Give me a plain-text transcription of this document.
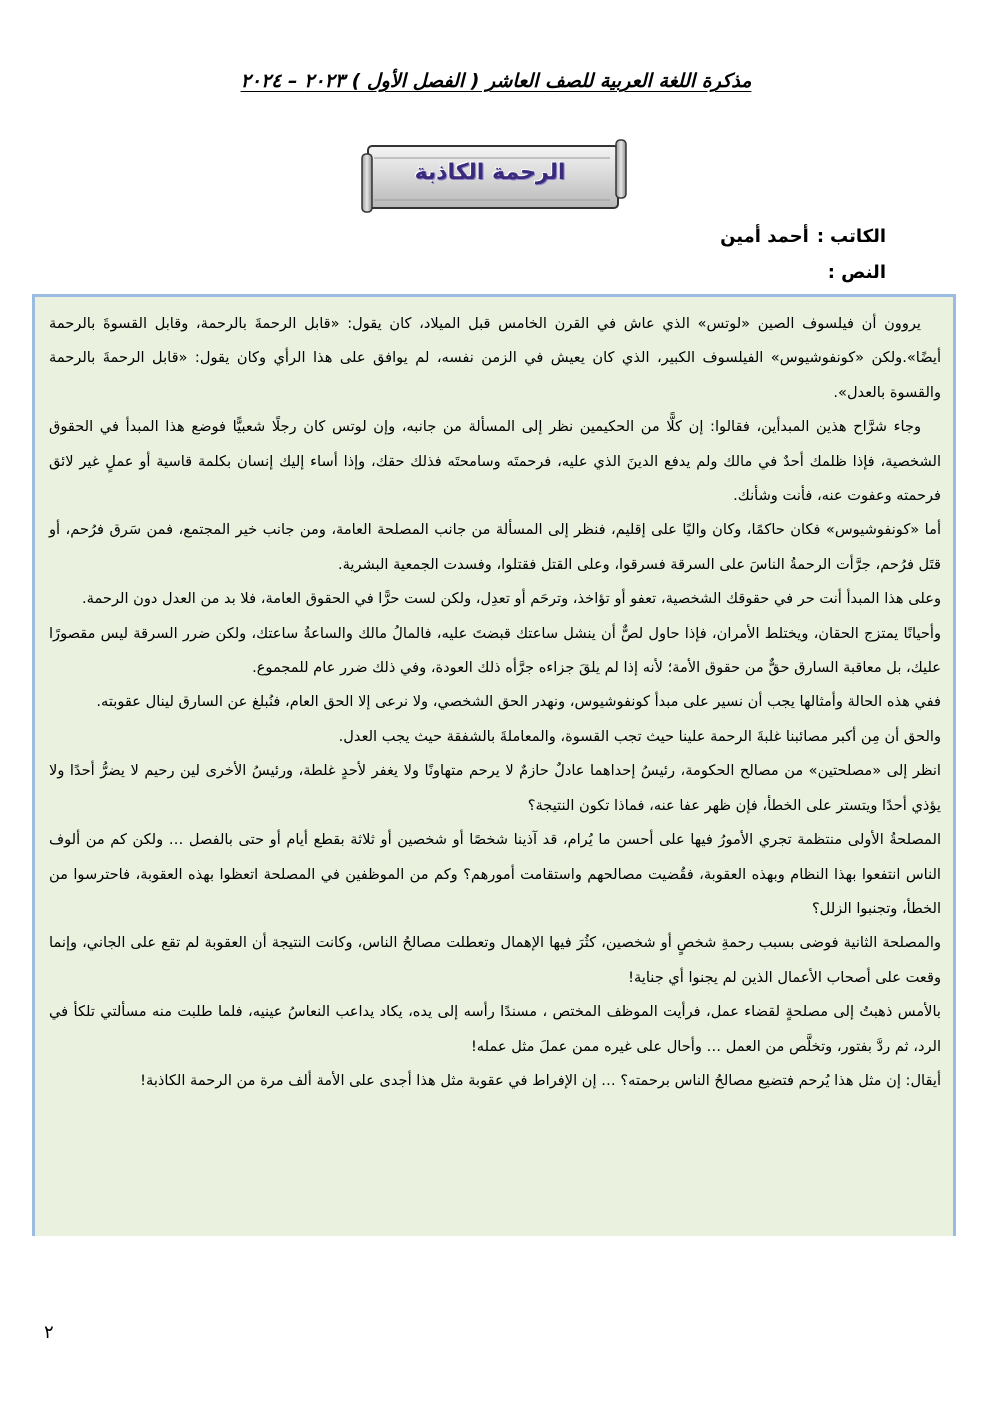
مذكرة اللغة العربية للصف العاشر ( الفصل الأول ) ٢٠٢٣ – ٢٠٢٤
الرحمة الكاذبة
الكاتب:أحمد أمين
النص :

يروون أن فيلسوف الصين «لوتس» الذي عاش في القرن الخامس قبل الميلاد، كان يقول: «قابل الرحمةَ بالرحمة، وقابل القسوةَ بالرحمة أيضًا».ولكن «كونفوشيوس» الفيلسوف الكبير، الذي كان يعيش في الزمن نفسه، لم يوافق على هذا الرأي وكان يقول: «قابل الرحمةَ بالرحمة والقسوة بالعدل».

وجاء شرَّاح هذين المبدأين، فقالوا: إن كلًّا من الحكيمين نظر إلى المسألة من جانبه، وإن لوتس كان رجلًا شعبيًّا فوضع هذا المبدأ في الحقوق الشخصية، فإذا ظلمك أحدٌ في مالك ولم يدفع الدينَ الذي عليه، فرحمتَه وسامحتَه فذلك حقك، وإذا أساء إليك إنسان بكلمة قاسية أو عملٍ غير لائق فرحمته وعفوت عنه، فأنت وشأنك.

أما «كونفوشيوس» فكان حاكمًا، وكان واليًا على إقليم، فنظر إلى المسألة من جانب المصلحة العامة، ومن جانب خير المجتمع، فمن سَرق فرُحم، أو قتَل فرُحم، جرَّأت الرحمةُ الناسَ على السرقة فسرقوا، وعلى القتل فقتلوا، وفسدت الجمعية البشرية.

وعلى هذا المبدأ أنت حر في حقوقك الشخصية، تعفو أو تؤاخذ، وترحَم أو تعدِل، ولكن لست حرًّا في الحقوق العامة، فلا بد من العدل دون الرحمة.

وأحيانًا يمتزج الحقان، ويختلط الأمران، فإذا حاول لصٌّ أن ينشل ساعتك قبضتَ عليه، فالمالُ مالك والساعةُ ساعتك، ولكن ضرر السرقة ليس مقصورًا عليك، بل معاقبة السارق حقٌّ من حقوق الأمة؛ لأنه إذا لم يلقَ جزاءه جرَّأه ذلك العودة، وفي ذلك ضرر عام للمجموع.

ففي هذه الحالة وأمثالها يجب أن نسير على مبدأ كونفوشيوس، ونهدر الحق الشخصي، ولا نرعى إلا الحق العام، فنُبلغ عن السارق لينال عقوبته.

والحق أن مِن أكبر مصائبنا غلبةَ الرحمة علينا حيث تجب القسوة، والمعاملةَ بالشفقة حيث يجب العدل.

انظر إلى «مصلحتين» من مصالح الحكومة، رئيسُ إحداهما عادلٌ حازمٌ لا يرحم متهاونًا ولا يغفر لأحدٍ غلطة، ورئيسُ الأخرى لين رحيم لا يضرُّ أحدًا ولا يؤذي أحدًا ويتستر على الخطأ، فإن ظهر عفا عنه، فماذا تكون النتيجة؟

المصلحةُ الأولى منتظمة تجري الأمورُ فيها على أحسن ما يُرام، قد آذينا شخصًا أو شخصين أو ثلاثة بقطع أيام أو حتى بالفصل … ولكن كم من ألوف الناس انتفعوا بهذا النظام وبهذه العقوبة، فقُضيت مصالحهم واستقامت أمورهم؟ وكم من الموظفين في المصلحة اتعظوا بهذه العقوبة، فاحترسوا من الخطأ، وتجنبوا الزلل؟

والمصلحة الثانية فوضى بسبب رحمةِ شخصٍ أو شخصين، كثُرَ فيها الإهمال وتعطلت مصالحُ الناس، وكانت النتيجة أن العقوبة لم تقع على الجاني، وإنما وقعت على أصحاب الأعمال الذين لم يجنوا أي جناية!

بالأمس ذهبتُ إلى مصلحةٍ لقضاء عمل، فرأيت الموظف المختص ، مسندًا رأسه إلى يده، يكاد يداعب النعاسُ عينيه، فلما طلبت منه مسألتي تلكأ في الرد، ثم ردَّ بفتور، وتخلَّص من العمل … وأحال على غيره ممن عملَ مثل عمله!

أيقال: إن مثل هذا يُرحم فتضيع مصالحُ الناس برحمته؟ … إن الإفراط في عقوبة مثل هذا أجدى على الأمة ألف مرة من الرحمة الكاذبة!

٢
